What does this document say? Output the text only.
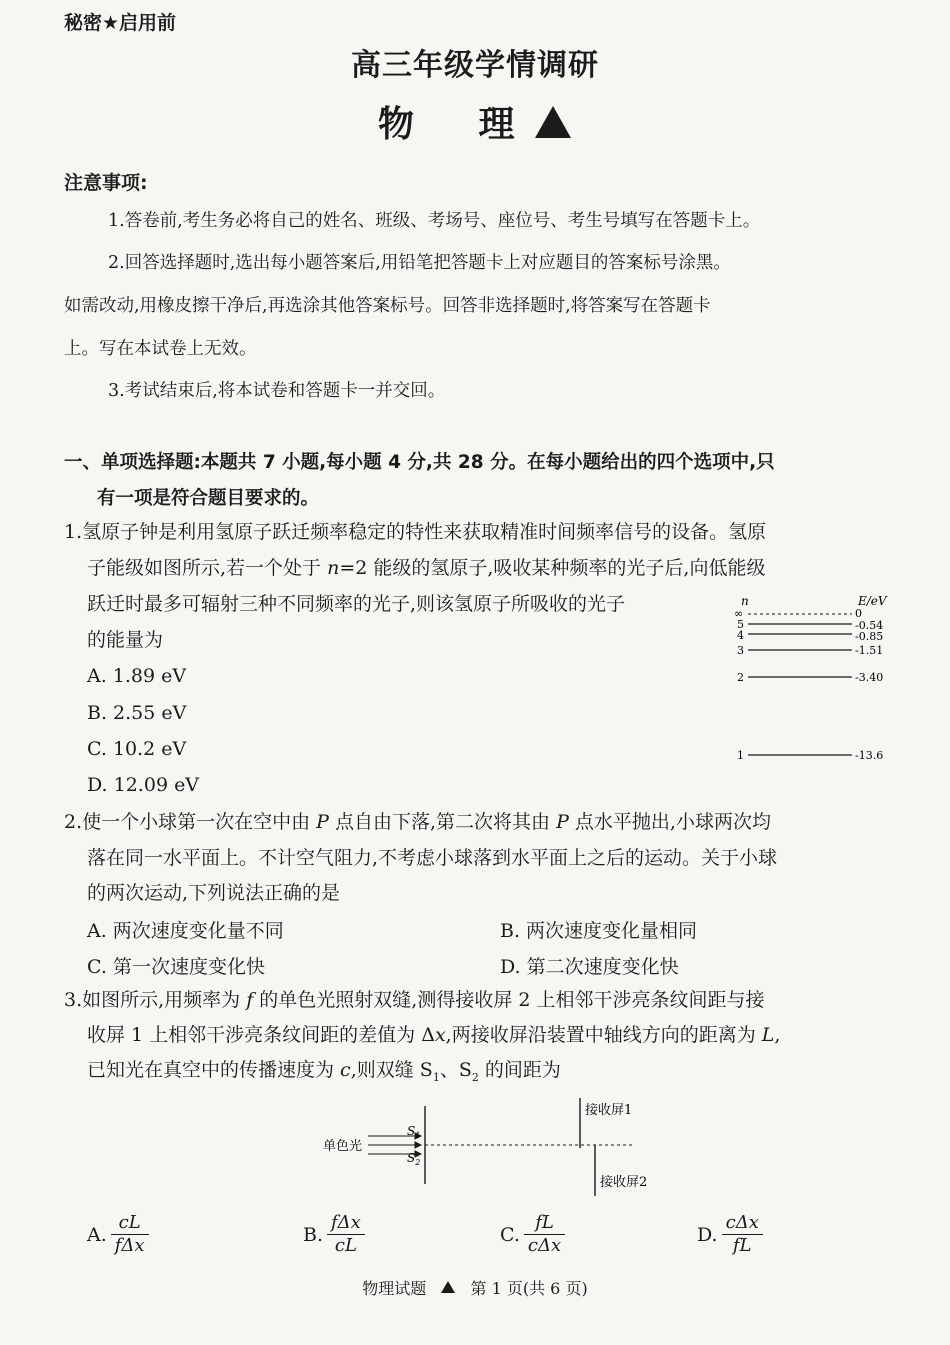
秘密★启用前
高三年级学情调研
物 理
注意事项:
1.答卷前,考生务必将自己的姓名、班级、考场号、座位号、考生号填写在答题卡上。
2.回答选择题时,选出每小题答案后,用铅笔把答题卡上对应题目的答案标号涂黑。
如需改动,用橡皮擦干净后,再选涂其他答案标号。回答非选择题时,将答案写在答题卡
上。写在本试卷上无效。
3.考试结束后,将本试卷和答题卡一并交回。
一、单项选择题:本题共 7 小题,每小题 4 分,共 28 分。在每小题给出的四个选项中,只
有一项是符合题目要求的。
1.氢原子钟是利用氢原子跃迁频率稳定的特性来获取精准时间频率信号的设备。氢原
子能级如图所示,若一个处于 n=2 能级的氢原子,吸收某种频率的光子后,向低能级
跃迁时最多可辐射三种不同频率的光子,则该氢原子所吸收的光子
的能量为
A. 1.89 eV
B. 2.55 eV
C. 10.2 eV
D. 12.09 eV
n	E/eV
∞	0
5	-0.54
4	-0.85
3	-1.51
2	-3.40
1	-13.6
2.使一个小球第一次在空中由 P 点自由下落,第二次将其由 P 点水平抛出,小球两次均
落在同一水平面上。不计空气阻力,不考虑小球落到水平面上之后的运动。关于小球
的两次运动,下列说法正确的是
A. 两次速度变化量不同	B. 两次速度变化量相同
C. 第一次速度变化快	D. 第二次速度变化快
3.如图所示,用频率为 f 的单色光照射双缝,测得接收屏 2 上相邻干涉亮条纹间距与接
收屏 1 上相邻干涉亮条纹间距的差值为 Δx,两接收屏沿装置中轴线方向的距离为 L,
已知光在真空中的传播速度为 c,则双缝 $S_1$、$S_2$ 的间距为
单色光
$S_1$
$S_2$
接收屏1
接收屏2
A. $\frac{cL}{\text{fΔx}}$	B. $\frac{\text{fΔx}}{cL}$	C. $\frac{fL}{\text{cΔx}}$	D. $\frac{\text{cΔx}}{fL}$
物理试题	第 1 页(共 6 页)
